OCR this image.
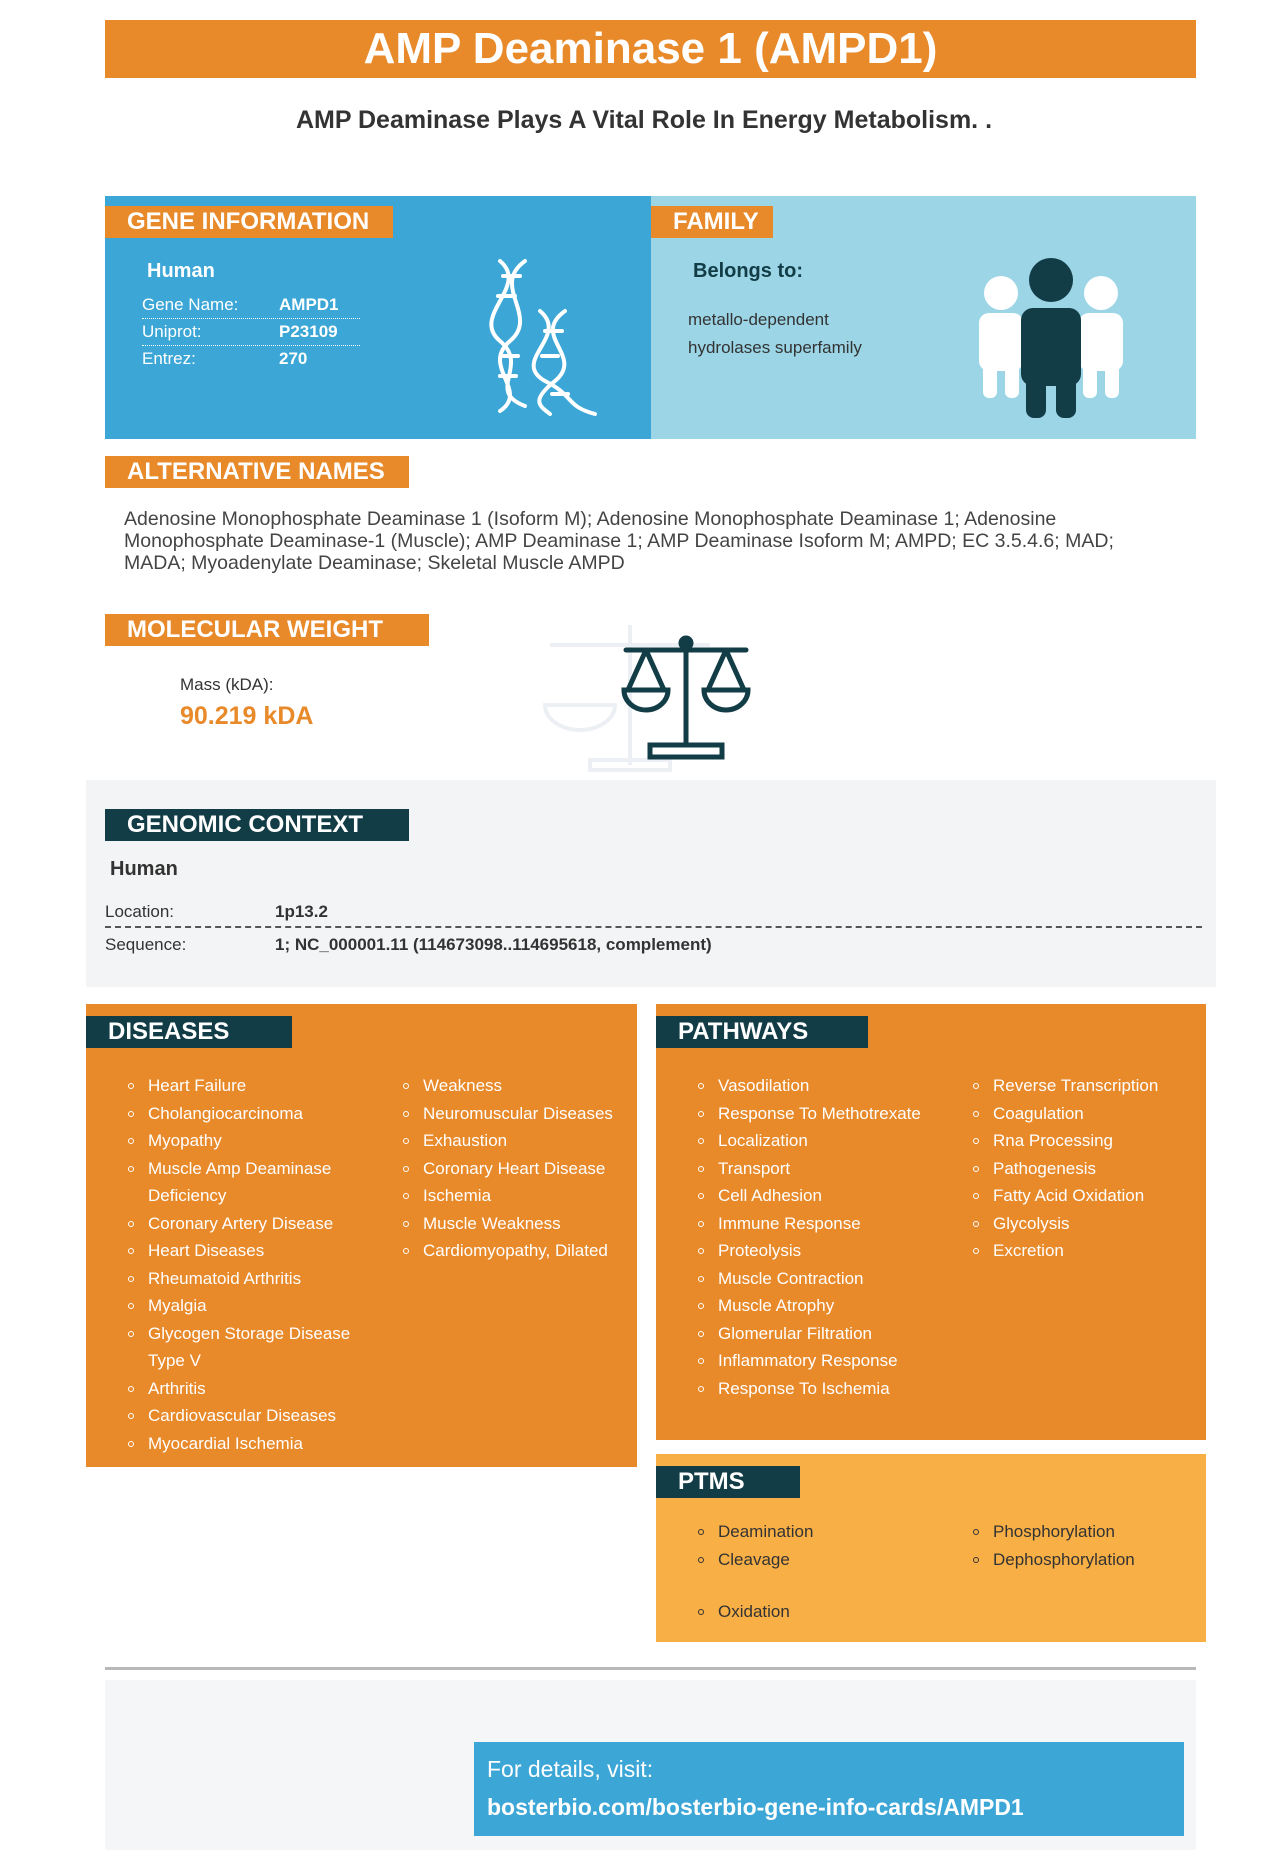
AMP Deaminase 1 (AMPD1)
AMP Deaminase Plays A Vital Role In Energy Metabolism. .
GENE INFORMATION
Human
Gene Name: AMPD1
Uniprot:	P23109
Entrez:	270
FAMILY
Belongs to:
metallo-dependent
hydrolases superfamily
ALTERNATIVE NAMES
Adenosine Monophosphate Deaminase 1 (Isoform M); Adenosine Monophosphate Deaminase 1; Adenosine
Monophosphate Deaminase-1 (Muscle); AMP Deaminase 1; AMP Deaminase Isoform M; AMPD; EC 3.5.4.6; MAD;
MADA; Myoadenylate Deaminase; Skeletal Muscle AMPD
MOLECULAR WEIGHT
Mass (kDA):
90.219 kDA
GENOMIC CONTEXT
Human
Location:	1p13.2
Sequence:	1; NC_000001.11 (114673098..114695618, complement)
DISEASES
Heart Failure
Cholangiocarcinoma
Myopathy
Muscle Amp Deaminase Deficiency
Coronary Artery Disease
Heart Diseases
Rheumatoid Arthritis
Myalgia
Glycogen Storage Disease Type V
Arthritis
Cardiovascular Diseases
Myocardial Ischemia
Weakness
Neuromuscular Diseases
Exhaustion
Coronary Heart Disease
Ischemia
Muscle Weakness
Cardiomyopathy, Dilated
PATHWAYS
Vasodilation
Response To Methotrexate
Localization
Transport
Cell Adhesion
Immune Response
Proteolysis
Muscle Contraction
Muscle Atrophy
Glomerular Filtration
Inflammatory Response
Response To Ischemia
Reverse Transcription
Coagulation
Rna Processing
Pathogenesis
Fatty Acid Oxidation
Glycolysis
Excretion
PTMS
Deamination
Cleavage
Phosphorylation
Dephosphorylation
Oxidation
For details, visit:
bosterbio.com/bosterbio-gene-info-cards/AMPD1
